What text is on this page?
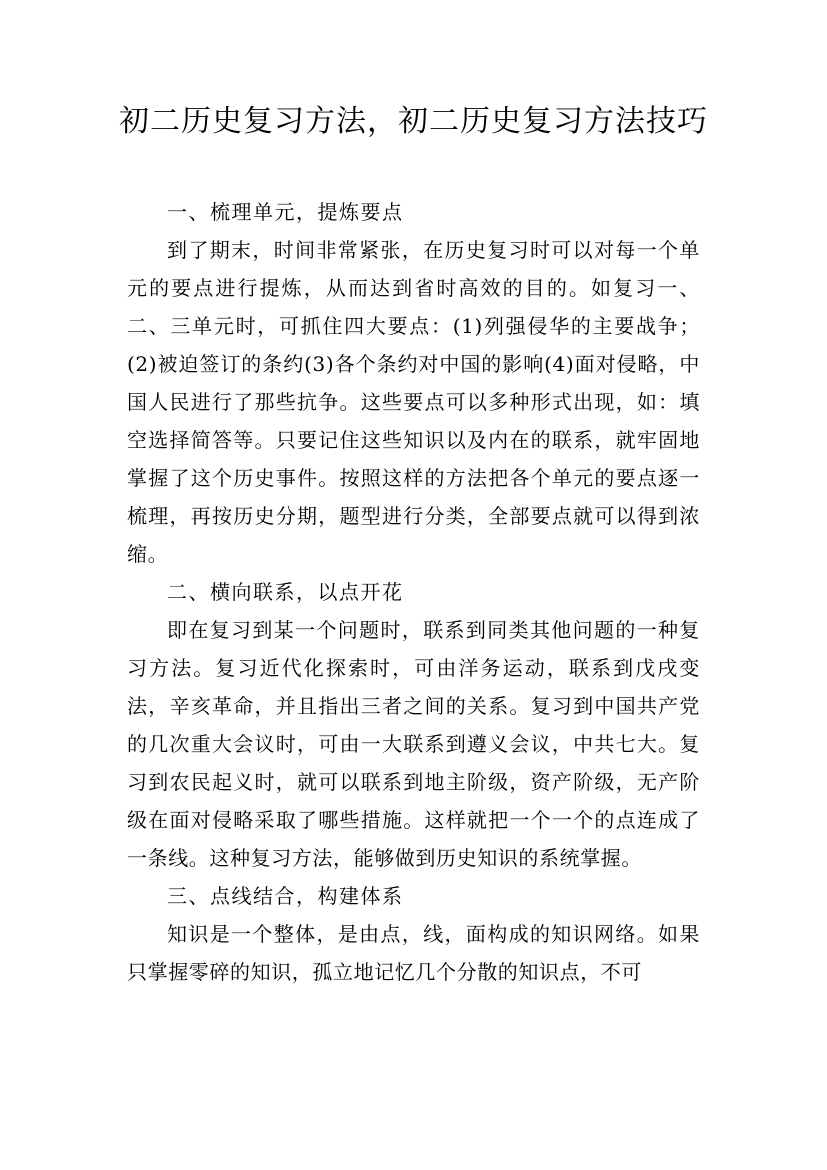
初二历史复习方法，初二历史复习方法技巧

一、梳理单元，提炼要点

到了期末，时间非常紧张，在历史复习时可以对每一个单元的要点进行提炼，从而达到省时高效的目的。如复习一、二、三单元时，可抓住四大要点：(1)列强侵华的主要战争；(2)被迫签订的条约(3)各个条约对中国的影响(4)面对侵略，中国人民进行了那些抗争。这些要点可以多种形式出现，如：填空选择简答等。只要记住这些知识以及内在的联系，就牢固地掌握了这个历史事件。按照这样的方法把各个单元的要点逐一梳理，再按历史分期，题型进行分类，全部要点就可以得到浓缩。

二、横向联系，以点开花

即在复习到某一个问题时，联系到同类其他问题的一种复习方法。复习近代化探索时，可由洋务运动，联系到戊戌变法，辛亥革命，并且指出三者之间的关系。复习到中国共产党的几次重大会议时，可由一大联系到遵义会议，中共七大。复习到农民起义时，就可以联系到地主阶级，资产阶级，无产阶级在面对侵略采取了哪些措施。这样就把一个一个的点连成了一条线。这种复习方法，能够做到历史知识的系统掌握。

三、点线结合，构建体系

知识是一个整体，是由点，线，面构成的知识网络。如果只掌握零碎的知识，孤立地记忆几个分散的知识点，不可
